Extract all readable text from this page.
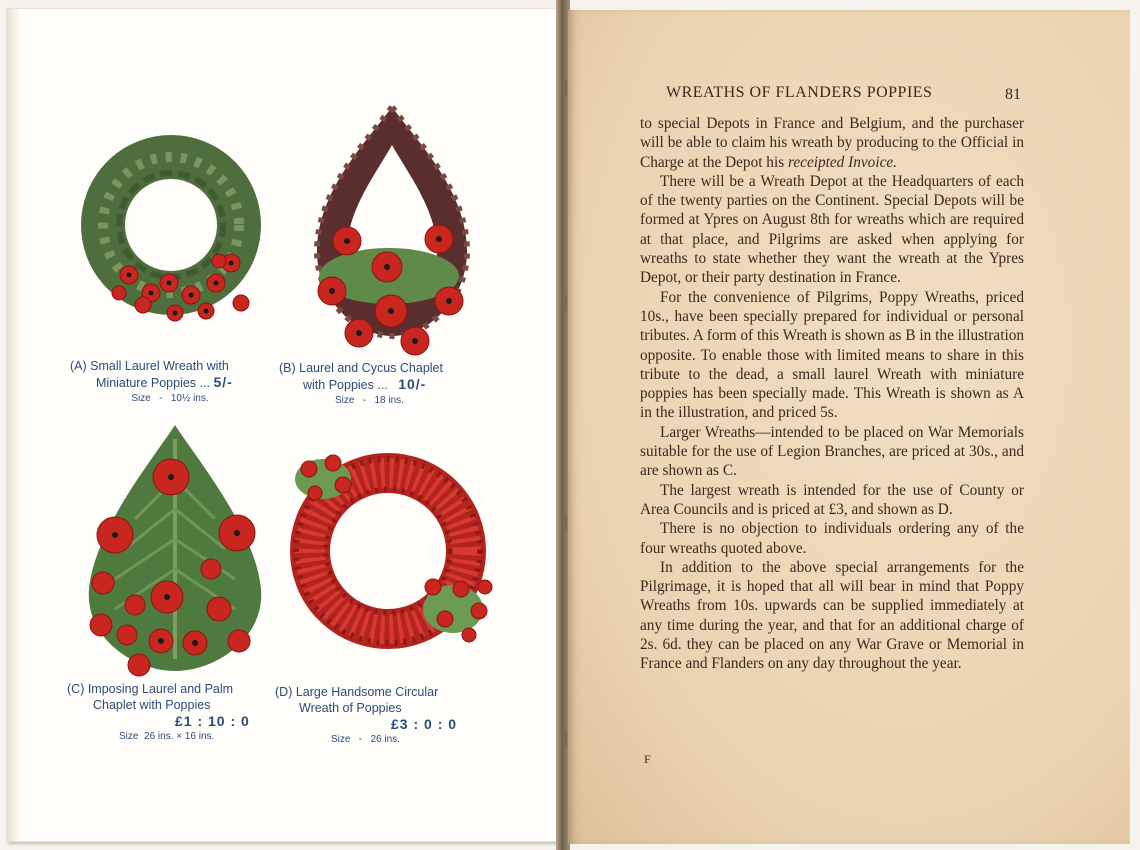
(A) Small Laurel Wreath with
Miniature Poppies ... 5/-
Size - 10½ ins.
(B) Laurel and Cycus Chaplet
with Poppies ... 10/-
Size - 18 ins.
(C) Imposing Laurel and Palm
Chaplet with Poppies
£1 : 10 : 0
Size 26 ins. × 16 ins.
(D) Large Handsome Circular
Wreath of Poppies
£3 : 0 : 0
Size - 26 ins.
WREATHS OF FLANDERS POPPIES	81

to special Depots in France and Belgium, and the purchaser will be able to claim his wreath by producing to the Official in Charge at the Depot his receipted Invoice.

There will be a Wreath Depot at the Headquarters of each of the twenty parties on the Continent. Special Depots will be formed at Ypres on August 8th for wreaths which are required at that place, and Pilgrims are asked when applying for wreaths to state whether they want the wreath at the Ypres Depot, or their party destination in France.

For the convenience of Pilgrims, Poppy Wreaths, priced 10s., have been specially prepared for individual or personal tributes. A form of this Wreath is shown as B in the illustration opposite. To enable those with limited means to share in this tribute to the dead, a small laurel Wreath with miniature poppies has been specially made. This Wreath is shown as A in the illustration, and priced 5s.

Larger Wreaths—intended to be placed on War Memorials suitable for the use of Legion Branches, are priced at 30s., and are shown as C.

The largest wreath is intended for the use of County or Area Councils and is priced at £3, and shown as D.

There is no objection to individuals ordering any of the four wreaths quoted above.

In addition to the above special arrangements for the Pilgrimage, it is hoped that all will bear in mind that Poppy Wreaths from 10s. upwards can be supplied immediately at any time during the year, and that for an additional charge of 2s. 6d. they can be placed on any War Grave or Memorial in France and Flanders on any day throughout the year.

F
